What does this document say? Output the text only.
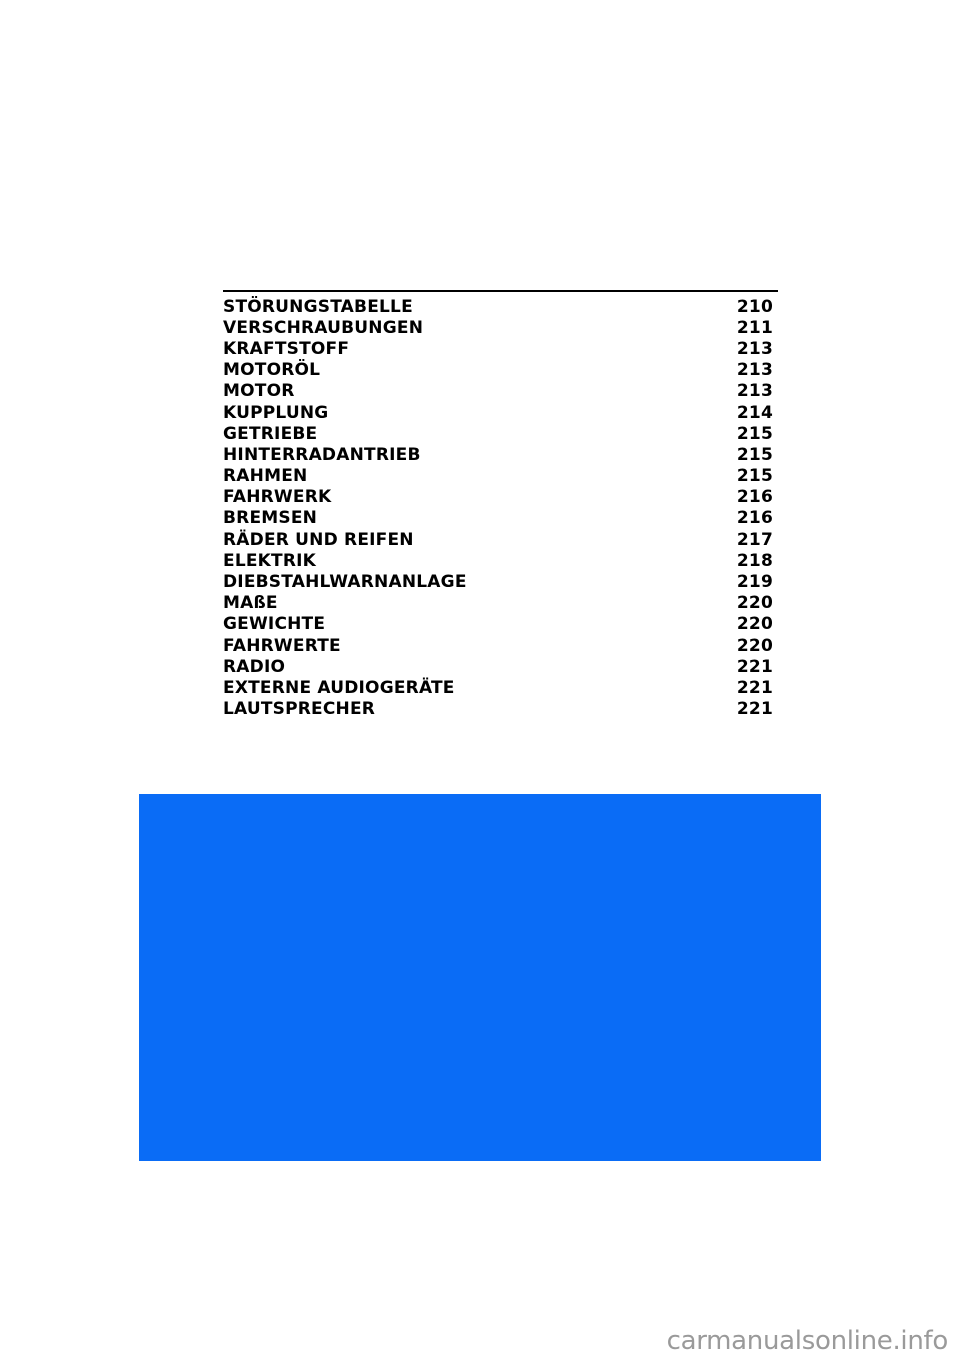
STÖRUNGSTABELLE	210
VERSCHRAUBUNGEN	211
KRAFTSTOFF	213
MOTORÖL	213
MOTOR	213
KUPPLUNG	214
GETRIEBE	215
HINTERRADANTRIEB	215
RAHMEN	215
FAHRWERK	216
BREMSEN	216
RÄDER UND REIFEN	217
ELEKTRIK	218
DIEBSTAHLWARNANLAGE	219
MAßE	220
GEWICHTE	220
FAHRWERTE	220
RADIO	221
EXTERNE AUDIOGERÄTE	221
LAUTSPRECHER	221
carmanualsonline.info
